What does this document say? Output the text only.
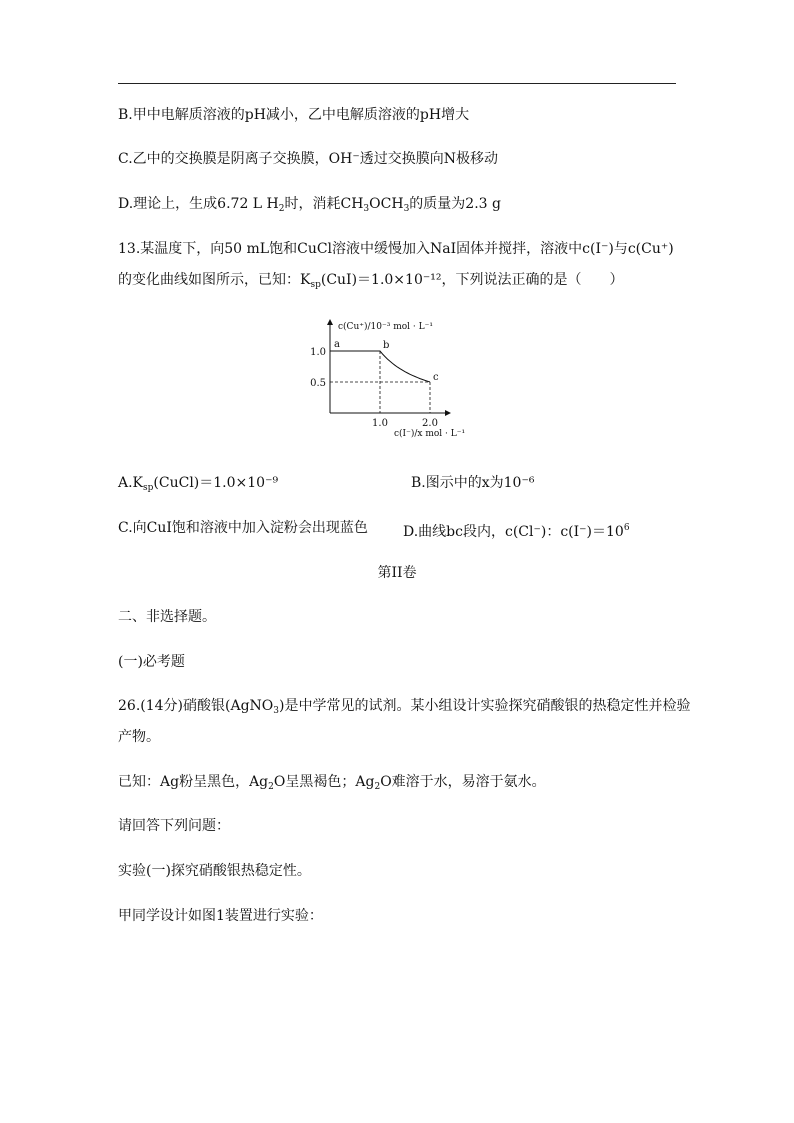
B.甲中电解质溶液的pH减小，乙中电解质溶液的pH增大
C.乙中的交换膜是阴离子交换膜，OH⁻透过交换膜向N极移动
D.理论上，生成6.72 L $H_2$时，消耗$CH_3OCH_3$的质量为2.3 g
13.某温度下，向50 mL饱和CuCl溶液中缓慢加入NaI固体并搅拌，溶液中c(I⁻)与c(Cu⁺)
的变化曲线如图所示，已知：$K_{sp}(CuI)=1.0\times 10^{-12}$，下列说法正确的是（　　）
c(Cu⁺)/10⁻³ mol · L⁻¹
c(I⁻)/x mol · L⁻¹
1.0	2.0
1.0
0.5
a	b
c
$A.K_{sp}(CuCl)=1.0\times 10^{-9}$	B.图示中的x为10⁻⁶
C.向CuI饱和溶液中加入淀粉会出现蓝色	D.曲线bc段内，c(Cl⁻)：$c(I^-)=10^6$
第II卷
二、非选择题。
(一)必考题
26.(14分)硝酸银(AgNO$_3$)是中学常见的试剂。某小组设计实验探究硝酸银的热稳定性并检验
产物。
已知：Ag粉呈黑色，$Ag_2O$呈黑褐色；$Ag_2O$难溶于水，易溶于氨水。
请回答下列问题：
实验(一)探究硝酸银热稳定性。
甲同学设计如图1装置进行实验：
